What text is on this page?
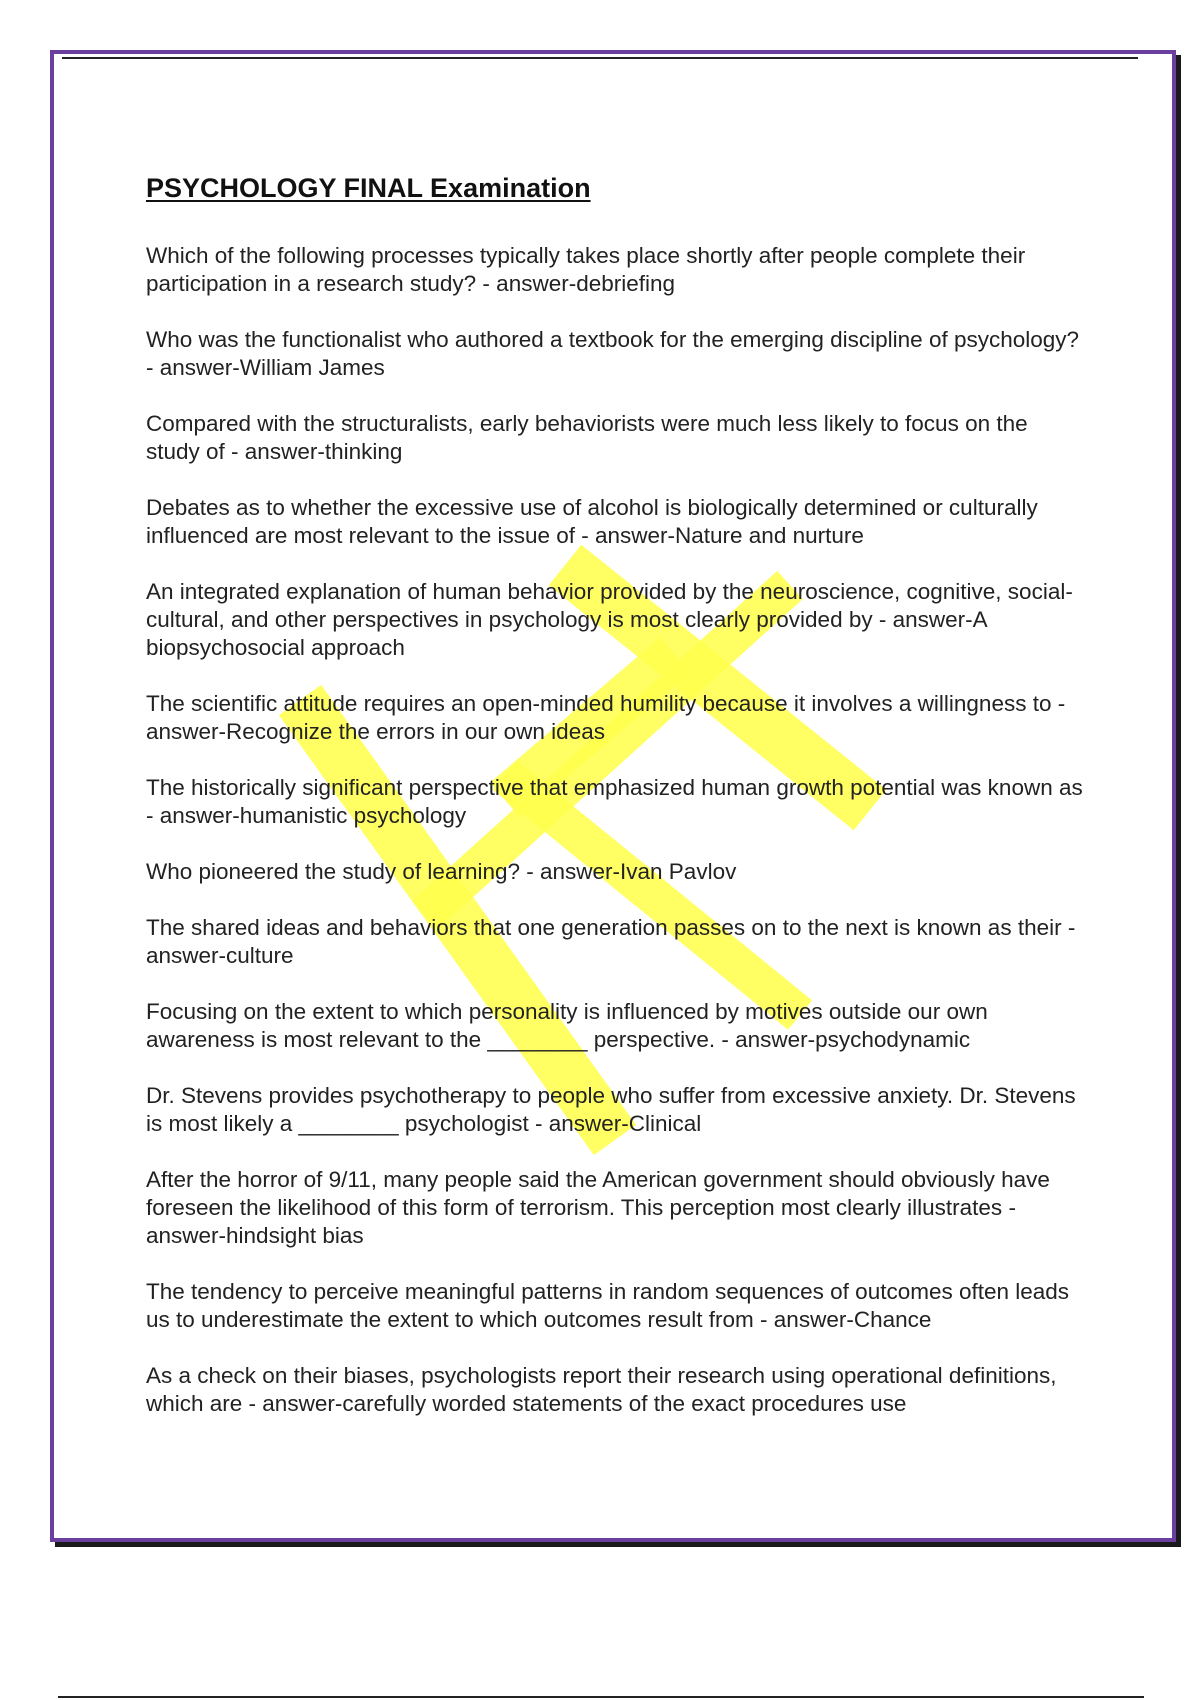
PSYCHOLOGY FINAL Examination

Which of the following processes typically takes place shortly after people complete their participation in a research study? - answer-debriefing

Who was the functionalist who authored a textbook for the emerging discipline of psychology? - answer-William James

Compared with the structuralists, early behaviorists were much less likely to focus on the study of - answer-thinking

Debates as to whether the excessive use of alcohol is biologically determined or culturally influenced are most relevant to the issue of - answer-Nature and nurture

An integrated explanation of human behavior provided by the neuroscience, cognitive, social-cultural, and other perspectives in psychology is most clearly provided by - answer-A biopsychosocial approach

The scientific attitude requires an open-minded humility because it involves a willingness to - answer-Recognize the errors in our own ideas

The historically significant perspective that emphasized human growth potential was known as - answer-humanistic psychology

Who pioneered the study of learning? - answer-Ivan Pavlov

The shared ideas and behaviors that one generation passes on to the next is known as their - answer-culture

Focusing on the extent to which personality is influenced by motives outside our own awareness is most relevant to the ________ perspective. - answer-psychodynamic

Dr. Stevens provides psychotherapy to people who suffer from excessive anxiety. Dr. Stevens is most likely a ________ psychologist - answer-Clinical

After the horror of 9/11, many people said the American government should obviously have foreseen the likelihood of this form of terrorism. This perception most clearly illustrates - answer-hindsight bias

The tendency to perceive meaningful patterns in random sequences of outcomes often leads us to underestimate the extent to which outcomes result from - answer-Chance

As a check on their biases, psychologists report their research using operational definitions, which are - answer-carefully worded statements of the exact procedures use
